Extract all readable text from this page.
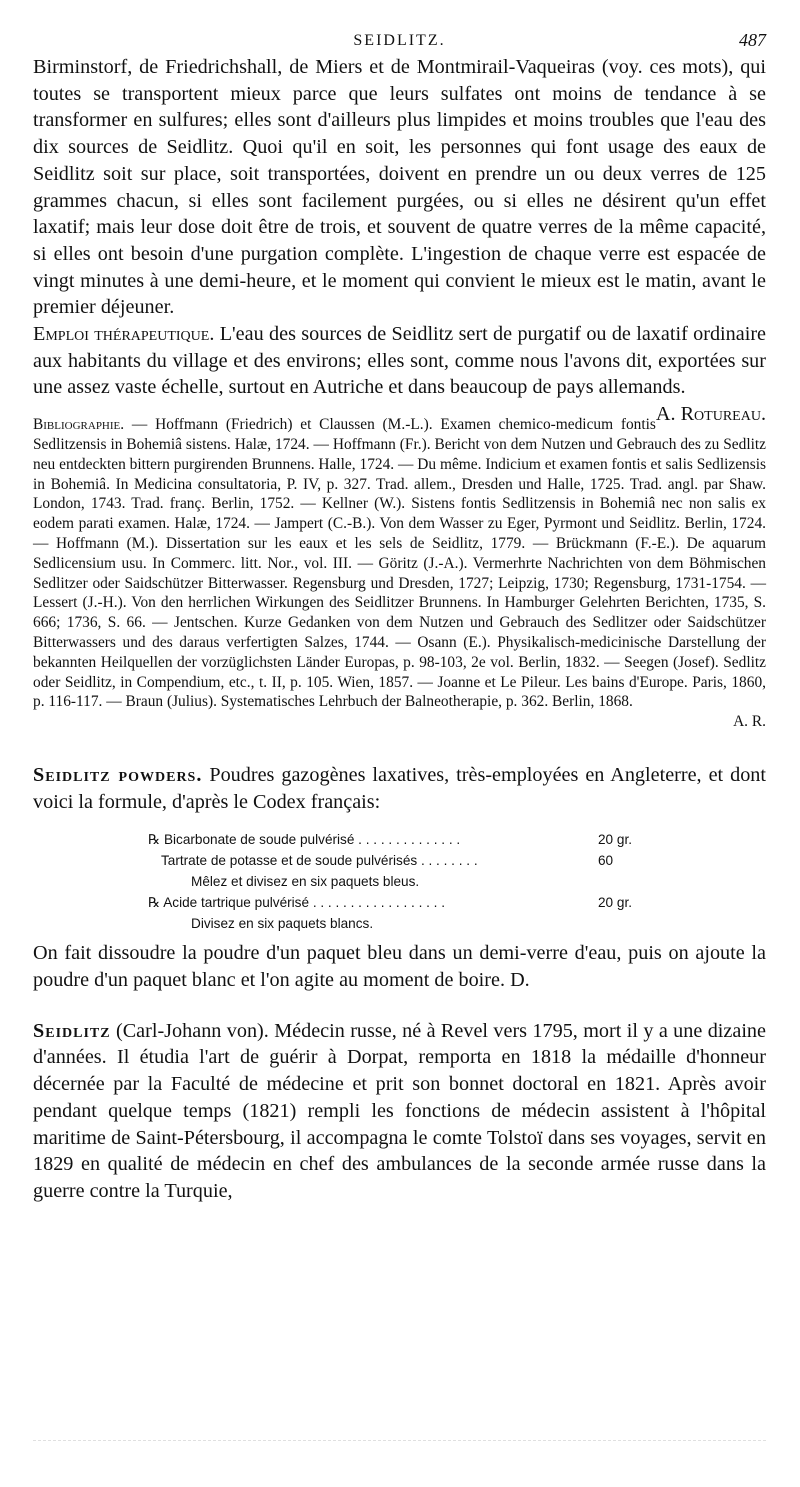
SEIDLITZ.	487

Birminstorf, de Friedrichshall, de Miers et de Montmirail-Vaqueiras (voy. ces mots), qui toutes se transportent mieux parce que leurs sulfates ont moins de tendance à se transformer en sulfures; elles sont d'ailleurs plus limpides et moins troubles que l'eau des dix sources de Seidlitz. Quoi qu'il en soit, les personnes qui font usage des eaux de Seidlitz soit sur place, soit transportées, doivent en prendre un ou deux verres de 125 grammes chacun, si elles sont facilement purgées, ou si elles ne désirent qu'un effet laxatif; mais leur dose doit être de trois, et souvent de quatre verres de la même capacité, si elles ont besoin d'une purgation complète. L'ingestion de chaque verre est espacée de vingt minutes à une demi-heure, et le moment qui convient le mieux est le matin, avant le premier déjeuner.

Emploi thérapeutique. L'eau des sources de Seidlitz sert de purgatif ou de laxatif ordinaire aux habitants du village et des environs; elles sont, comme nous l'avons dit, exportées sur une assez vaste échelle, surtout en Autriche et dans beaucoup de pays allemands.
A. Rotureau.

Bibliographie. — Hoffmann (Friedrich) et Claussen (M.-L.). Examen chemico-medicum fontis Sedlitzensis in Bohemiâ sistens. Halæ, 1724. — Hoffmann (Fr.). Bericht von dem Nutzen und Gebrauch des zu Sedlitz neu entdeckten bittern purgirenden Brunnens. Halle, 1724. — Du même. Indicium et examen fontis et salis Sedlizensis in Bohemiâ. In Medicina consultatoria, P. IV, p. 327. Trad. allem., Dresden und Halle, 1725. Trad. angl. par Shaw. London, 1743. Trad. franç. Berlin, 1752. — Kellner (W.). Sistens fontis Sedlitzensis in Bohemiâ nec non salis ex eodem parati examen. Halæ, 1724. — Jampert (C.-B.). Von dem Wasser zu Eger, Pyrmont und Seidlitz. Berlin, 1724. — Hoffmann (M.). Dissertation sur les eaux et les sels de Seidlitz, 1779. — Brückmann (F.-E.). De aquarum Sedlicensium usu. In Commerc. litt. Nor., vol. III. — Göritz (J.-A.). Vermerhrte Nachrichten von dem Böhmischen Sedlitzer oder Saidschützer Bitterwasser. Regensburg und Dresden, 1727; Leipzig, 1730; Regensburg, 1731-1754. — Lessert (J.-H.). Von den herrlichen Wirkungen des Seidlitzer Brunnens. In Hamburger Gelehrten Berichten, 1735, S. 666; 1736, S. 66. — Jentschen. Kurze Gedanken von dem Nutzen und Gebrauch des Sedlitzer oder Saidschützer Bitterwassers und des daraus verfertigten Salzes, 1744. — Osann (E.). Physikalisch-medicinische Darstellung der bekannten Heilquellen der vorzüglichsten Länder Europas, p. 98-103, 2e vol. Berlin, 1832. — Seegen (Josef). Sedlitz oder Seidlitz, in Compendium, etc., t. II, p. 105. Wien, 1857. — Joanne et Le Pileur. Les bains d'Europe. Paris, 1860, p. 116-117. — Braun (Julius). Systematisches Lehrbuch der Balneotherapie, p. 362. Berlin, 1868.

A. R.

Seidlitz powders. Poudres gazogènes laxatives, très-employées en Angleterre, et dont voici la formule, d'après le Codex français:

℞ Bicarbonate de soude pulvérisé . . . . . . . . . . . . . .	20 gr.
Tartrate de potasse et de soude pulvérisés . . . . . . . .	60
Mêlez et divisez en six paquets bleus.
℞ Acide tartrique pulvérisé . . . . . . . . . . . . . . . . . .	20 gr.
Divisez en six paquets blancs.

On fait dissoudre la poudre d'un paquet bleu dans un demi-verre d'eau, puis on ajoute la poudre d'un paquet blanc et l'on agite au moment de boire. D.

Seidlitz (Carl-Johann von). Médecin russe, né à Revel vers 1795, mort il y a une dizaine d'années. Il étudia l'art de guérir à Dorpat, remporta en 1818 la médaille d'honneur décernée par la Faculté de médecine et prit son bonnet doctoral en 1821. Après avoir pendant quelque temps (1821) rempli les fonctions de médecin assistent à l'hôpital maritime de Saint-Pétersbourg, il accompagna le comte Tolstoï dans ses voyages, servit en 1829 en qualité de médecin en chef des ambulances de la seconde armée russe dans la guerre contre la Turquie,
